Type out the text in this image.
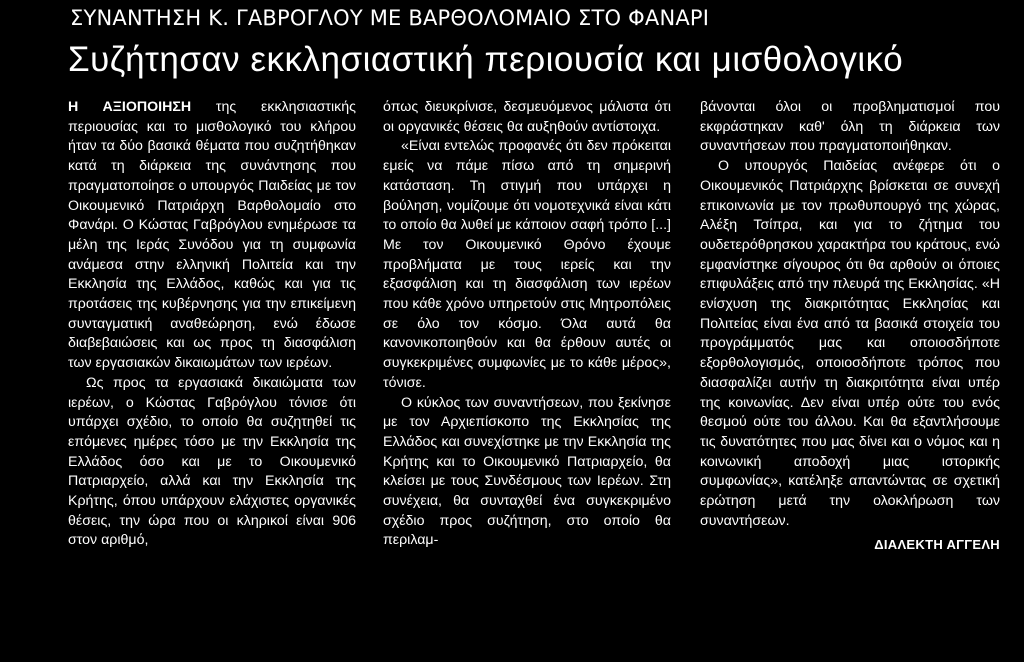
ΣΥΝΑΝΤΗΣΗ Κ. ΓΑΒΡΟΓΛΟΥ ΜΕ ΒΑΡΘΟΛΟΜΑΙΟ ΣΤΟ ΦΑΝΑΡΙ
Συζήτησαν εκκλησιαστική περιουσία και μισθολογικό

Η ΑΞΙΟΠΟΙΗΣΗ της εκκλησιαστικής περιουσίας και το μισθολογικό του κλήρου ήταν τα δύο βασικά θέματα που συζητήθηκαν κατά τη διάρκεια της συνάντησης που πραγματοποίησε ο υπουργός Παιδείας με τον Οικουμενικό Πατριάρχη Βαρθολομαίο στο Φανάρι. Ο Κώστας Γαβρόγλου ενημέρωσε τα μέλη της Ιεράς Συνόδου για τη συμφωνία ανάμεσα στην ελληνική Πολιτεία και την Εκκλησία της Ελλάδος, καθώς και για τις προτάσεις της κυβέρνησης για την επικείμενη συνταγματική αναθεώρηση, ενώ έδωσε διαβεβαιώσεις και ως προς τη διασφάλιση των εργασιακών δικαιωμάτων των ιερέων.

Ως προς τα εργασιακά δικαιώματα των ιερέων, ο Κώστας Γαβρόγλου τόνισε ότι υπάρχει σχέδιο, το οποίο θα συζητηθεί τις επόμενες ημέρες τόσο με την Εκκλησία της Ελλάδος όσο και με το Οικουμενικό Πατριαρχείο, αλλά και την Εκκλησία της Κρήτης, όπου υπάρχουν ελάχιστες οργανικές θέσεις, την ώρα που οι κληρικοί είναι 906 στον αριθμό,

όπως διευκρίνισε, δεσμευόμενος μάλιστα ότι οι οργανικές θέσεις θα αυξηθούν αντίστοιχα.

«Είναι εντελώς προφανές ότι δεν πρόκειται εμείς να πάμε πίσω από τη σημερινή κατάσταση. Τη στιγμή που υπάρχει η βούληση, νομίζουμε ότι νομοτεχνικά είναι κάτι το οποίο θα λυθεί με κάποιον σαφή τρόπο [...] Με τον Οικουμενικό Θρόνο έχουμε προβλήματα με τους ιερείς και την εξασφάλιση και τη διασφάλιση των ιερέων που κάθε χρόνο υπηρετούν στις Μητροπόλεις σε όλο τον κόσμο. Όλα αυτά θα κανονικοποιηθούν και θα έρθουν αυτές οι συγκεκριμένες συμφωνίες με το κάθε μέρος», τόνισε.

Ο κύκλος των συναντήσεων, που ξεκίνησε με τον Αρχιεπίσκοπο της Εκκλησίας της Ελλάδος και συνεχίστηκε με την Εκκλησία της Κρήτης και το Οικουμενικό Πατριαρχείο, θα κλείσει με τους Συνδέσμους των Ιερέων. Στη συνέχεια, θα συνταχθεί ένα συγκεκριμένο σχέδιο προς συζήτηση, στο οποίο θα περιλαμ-

βάνονται όλοι οι προβληματισμοί που εκφράστηκαν καθ' όλη τη διάρκεια των συναντήσεων που πραγματοποιήθηκαν.

Ο υπουργός Παιδείας ανέφερε ότι ο Οικουμενικός Πατριάρχης βρίσκεται σε συνεχή επικοινωνία με τον πρωθυπουργό της χώρας, Αλέξη Τσίπρα, και για το ζήτημα του ουδετερόθρησκου χαρακτήρα του κράτους, ενώ εμφανίστηκε σίγουρος ότι θα αρθούν οι όποιες επιφυλάξεις από την πλευρά της Εκκλησίας. «Η ενίσχυση της διακριτότητας Εκκλησίας και Πολιτείας είναι ένα από τα βασικά στοιχεία του προγράμματός μας και οποιοσδήποτε εξορθολογισμός, οποιοσδήποτε τρόπος που διασφαλίζει αυτήν τη διακριτότητα είναι υπέρ της κοινωνίας. Δεν είναι υπέρ ούτε του ενός θεσμού ούτε του άλλου. Και θα εξαντλήσουμε τις δυνατότητες που μας δίνει και ο νόμος και η κοινωνική αποδοχή μιας ιστορικής συμφωνίας», κατέληξε απαντώντας σε σχετική ερώτηση μετά την ολοκλήρωση των συναντήσεων.

ΔΙΑΛΕΚΤΗ ΑΓΓΕΛΗ
